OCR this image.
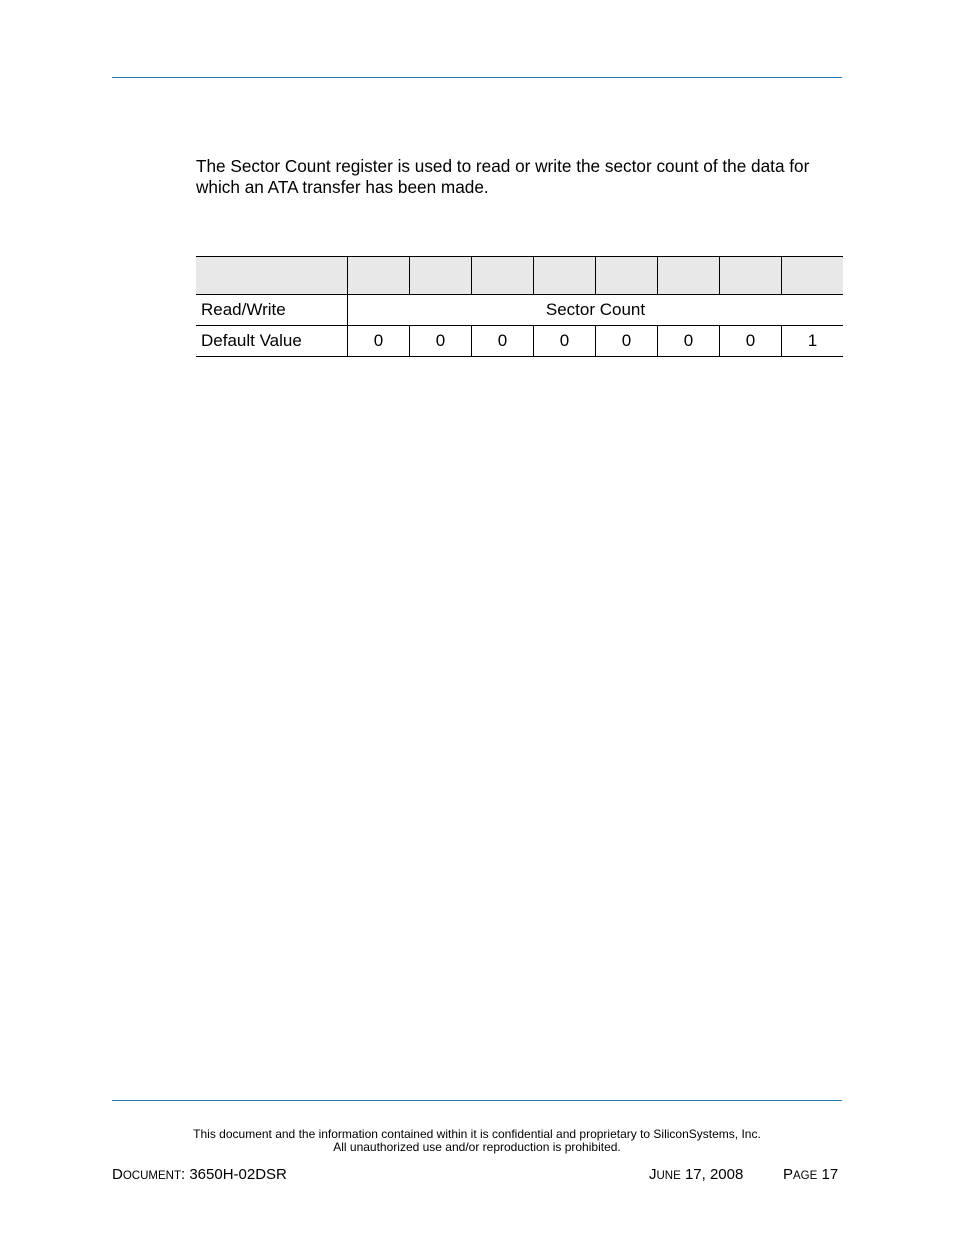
The Sector Count register is used to read or write the sector count of the data for which an ATA transfer has been made.

Read/Write	Sector Count							
Default Value	0	0	0	0	0	0	0	1
This document and the information contained within it is confidential and proprietary to SiliconSystems, Inc.
All unauthorized use and/or reproduction is prohibited.
DOCUMENT: 3650H-02DSR	JUNE 17, 2008	PAGE 17
